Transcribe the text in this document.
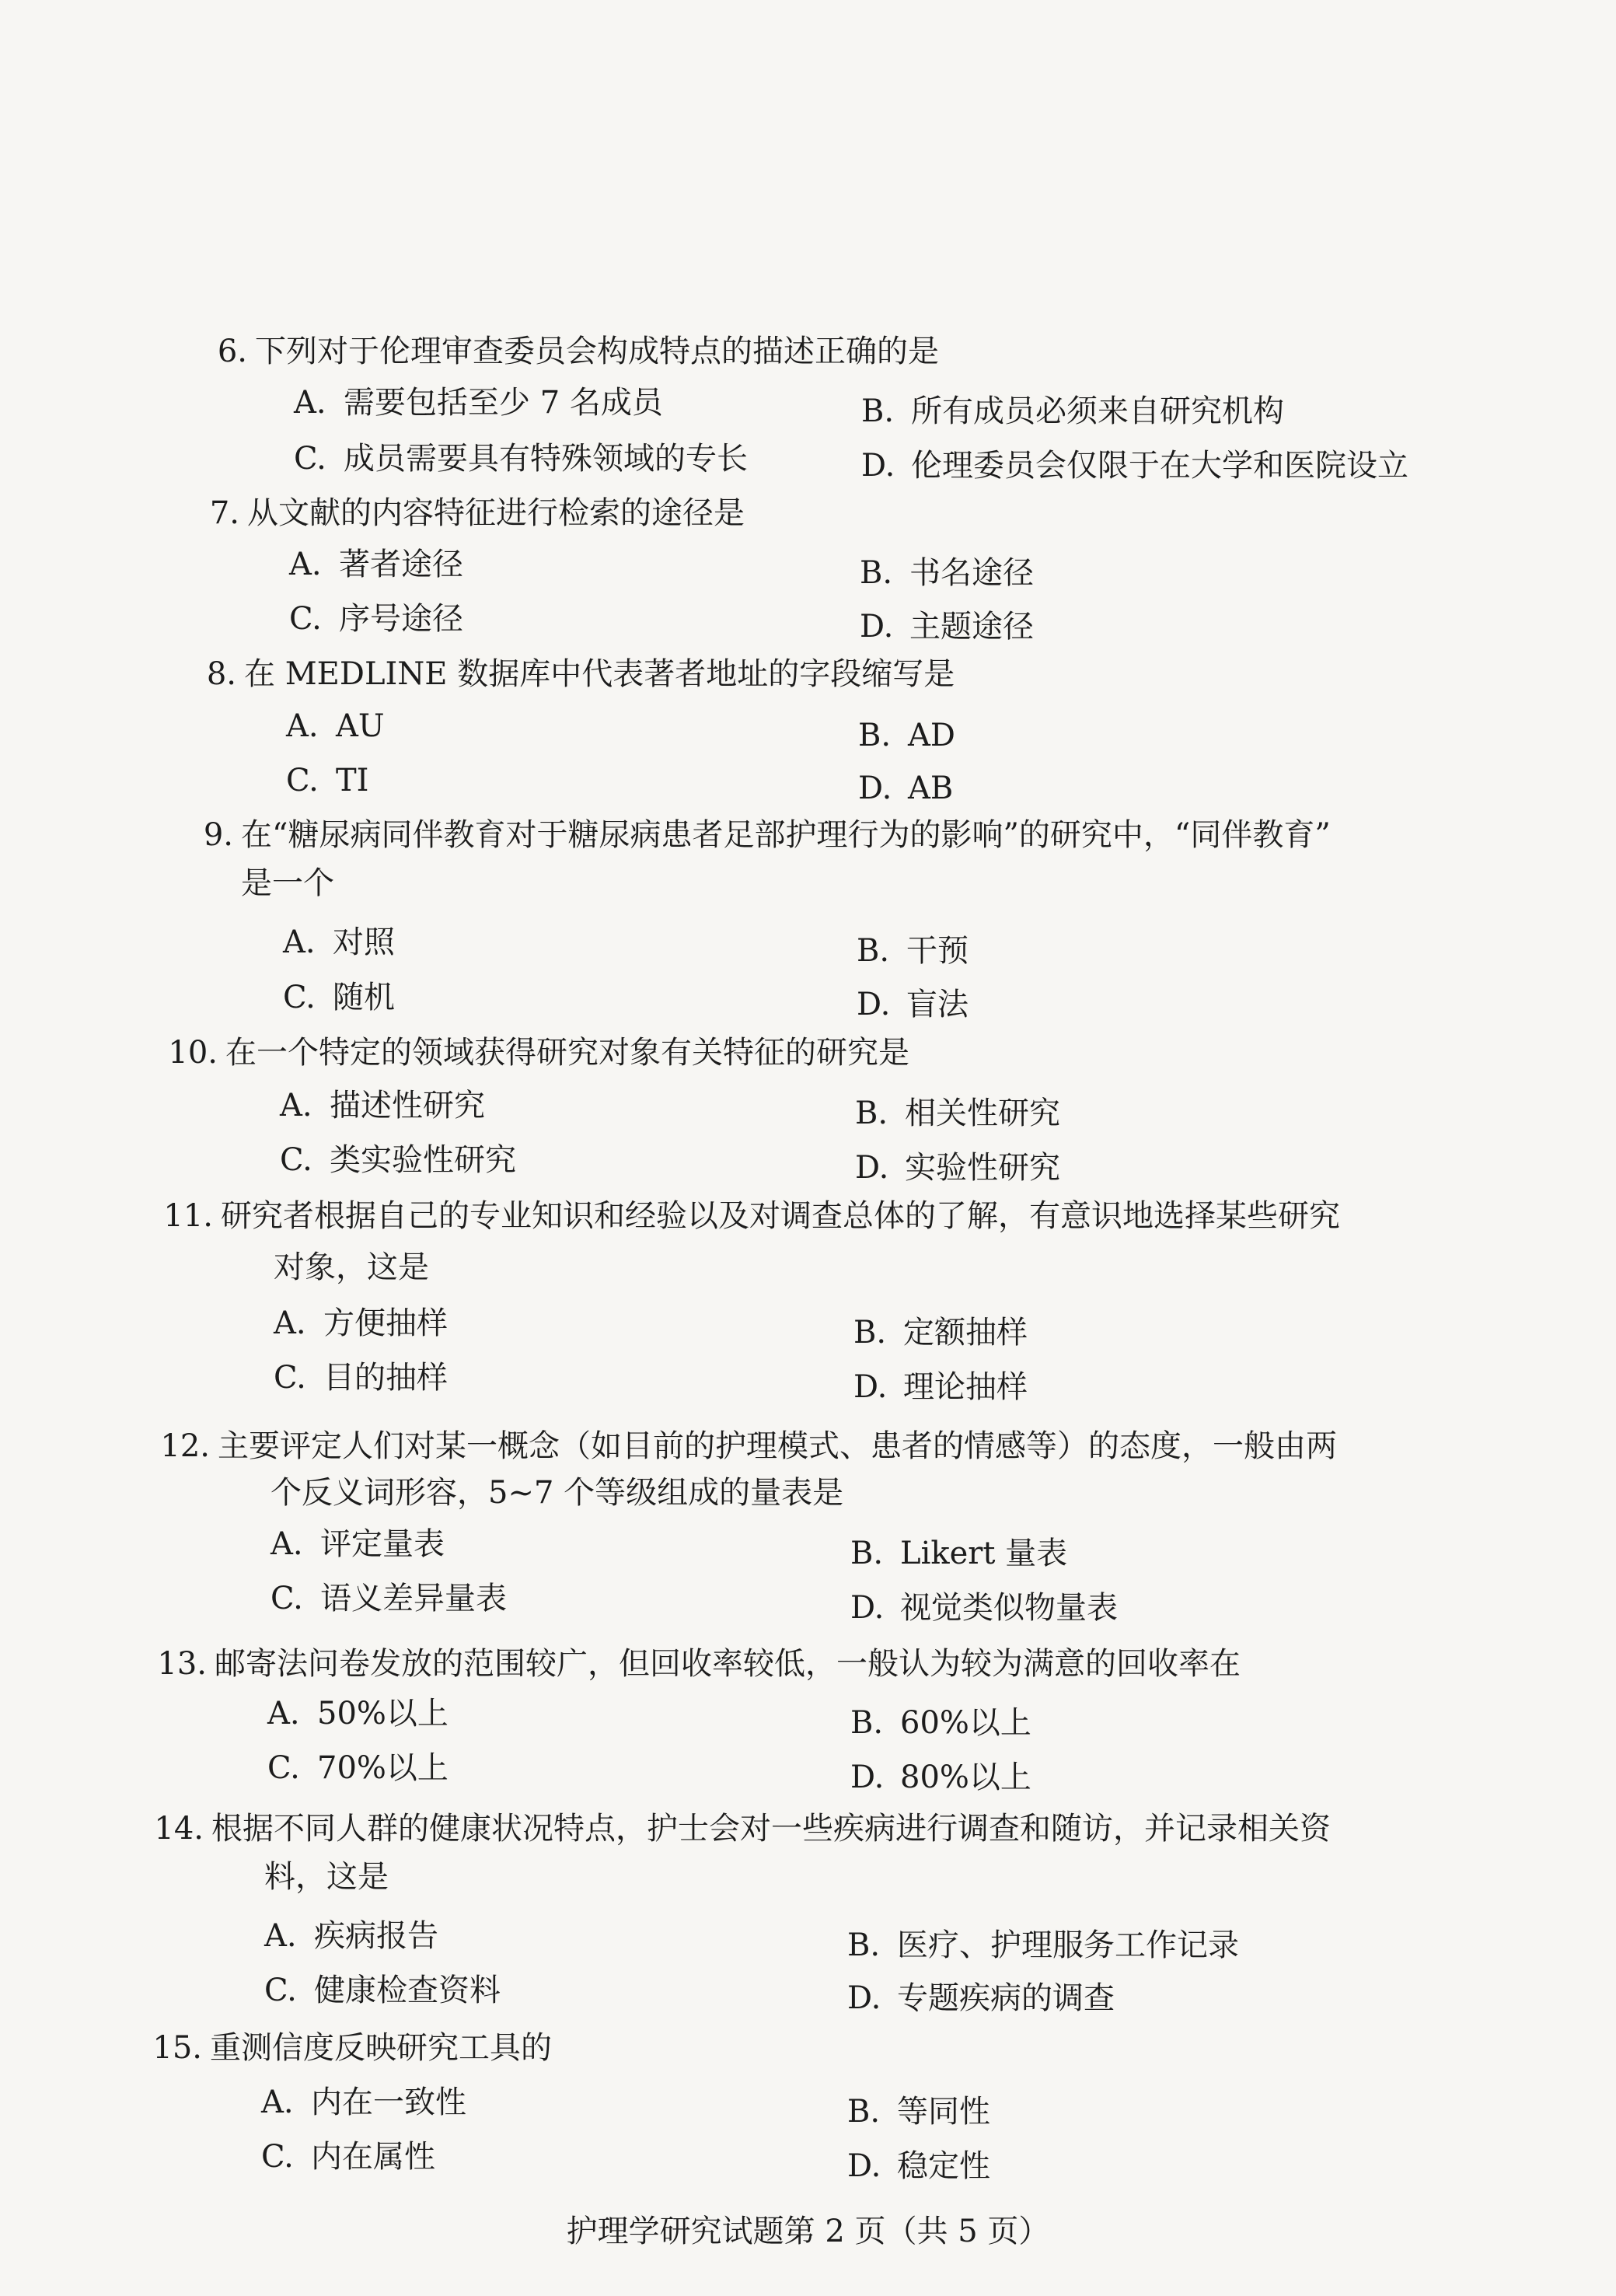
6. 下列对于伦理审查委员会构成特点的描述正确的是
A. 需要包括至少 7 名成员	B. 所有成员必须来自研究机构
C. 成员需要具有特殊领域的专长	D. 伦理委员会仅限于在大学和医院设立
7. 从文献的内容特征进行检索的途径是
A. 著者途径	B. 书名途径
C. 序号途径	D. 主题途径
8. 在 MEDLINE 数据库中代表著者地址的字段缩写是
A. AU	B. AD
C. TI	D. AB
9. 在“糖尿病同伴教育对于糖尿病患者足部护理行为的影响”的研究中，“同伴教育”
是一个
A. 对照	B. 干预
C. 随机	D. 盲法
10. 在一个特定的领域获得研究对象有关特征的研究是
A. 描述性研究	B. 相关性研究
C. 类实验性研究	D. 实验性研究
11. 研究者根据自己的专业知识和经验以及对调查总体的了解，有意识地选择某些研究
对象，这是
A. 方便抽样	B. 定额抽样
C. 目的抽样	D. 理论抽样
12. 主要评定人们对某一概念（如目前的护理模式、患者的情感等）的态度，一般由两
个反义词形容，5~7 个等级组成的量表是
A. 评定量表	B. Likert 量表
C. 语义差异量表	D. 视觉类似物量表
13. 邮寄法问卷发放的范围较广，但回收率较低，一般认为较为满意的回收率在
A. 50%以上	B. 60%以上
C. 70%以上	D. 80%以上
14. 根据不同人群的健康状况特点，护士会对一些疾病进行调查和随访，并记录相关资
料，这是
A. 疾病报告	B. 医疗、护理服务工作记录
C. 健康检查资料	D. 专题疾病的调查
15. 重测信度反映研究工具的
A. 内在一致性	B. 等同性
C. 内在属性	D. 稳定性
护理学研究试题第 2 页（共 5 页）
